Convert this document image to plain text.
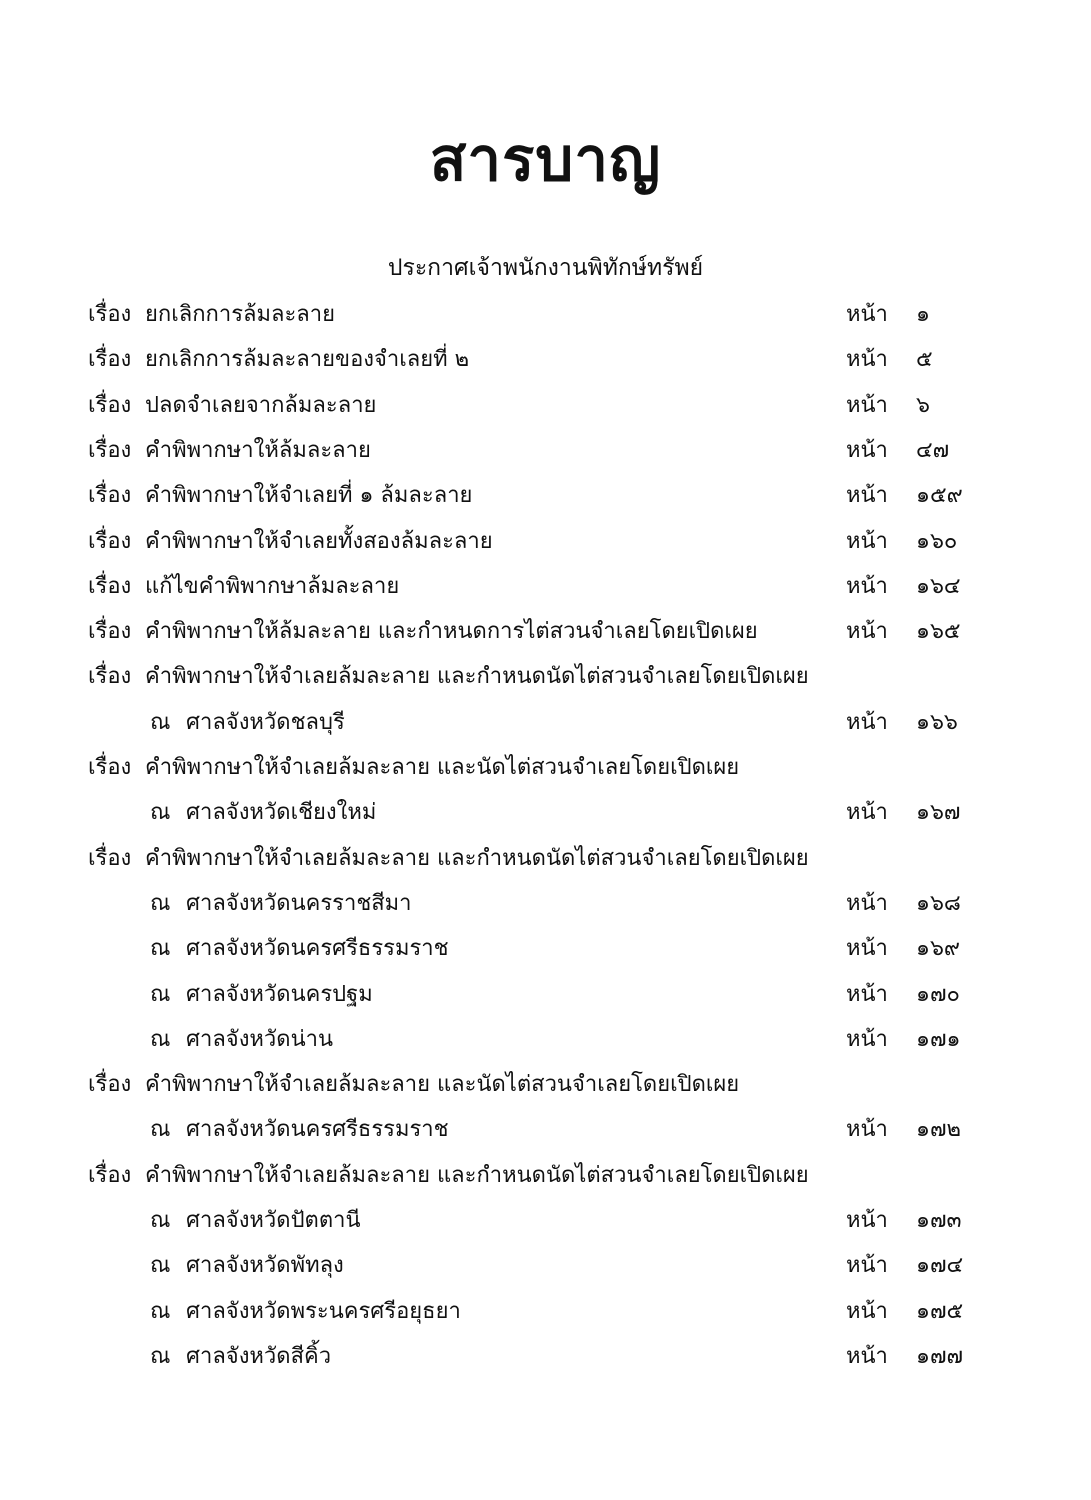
สารบาญ
ประกาศเจ้าพนักงานพิทักษ์ทรัพย์
เรื่อง ยกเลิกการล้มละลาย	หน้า ๑
เรื่อง ยกเลิกการล้มละลายของจำเลยที่ ๒	หน้า ๕
เรื่อง ปลดจำเลยจากล้มละลาย	หน้า ๖
เรื่อง คำพิพากษาให้ล้มละลาย	หน้า ๔๗
เรื่อง คำพิพากษาให้จำเลยที่ ๑ ล้มละลาย	หน้า ๑๕๙
เรื่อง คำพิพากษาให้จำเลยทั้งสองล้มละลาย	หน้า ๑๖๐
เรื่อง แก้ไขคำพิพากษาล้มละลาย	หน้า ๑๖๔
เรื่อง คำพิพากษาให้ล้มละลาย และกำหนดการไต่สวนจำเลยโดยเปิดเผย	หน้า ๑๖๕
เรื่อง คำพิพากษาให้จำเลยล้มละลาย และกำหนดนัดไต่สวนจำเลยโดยเปิดเผย
ณ ศาลจังหวัดชลบุรี	หน้า ๑๖๖
เรื่อง คำพิพากษาให้จำเลยล้มละลาย และนัดไต่สวนจำเลยโดยเปิดเผย
ณ ศาลจังหวัดเชียงใหม่	หน้า ๑๖๗
เรื่อง คำพิพากษาให้จำเลยล้มละลาย และกำหนดนัดไต่สวนจำเลยโดยเปิดเผย
ณ ศาลจังหวัดนครราชสีมา	หน้า ๑๖๘
ณ ศาลจังหวัดนครศรีธรรมราช	หน้า ๑๖๙
ณ ศาลจังหวัดนครปฐม	หน้า ๑๗๐
ณ ศาลจังหวัดน่าน	หน้า ๑๗๑
เรื่อง คำพิพากษาให้จำเลยล้มละลาย และนัดไต่สวนจำเลยโดยเปิดเผย
ณ ศาลจังหวัดนครศรีธรรมราช	หน้า ๑๗๒
เรื่อง คำพิพากษาให้จำเลยล้มละลาย และกำหนดนัดไต่สวนจำเลยโดยเปิดเผย
ณ ศาลจังหวัดปัตตานี	หน้า ๑๗๓
ณ ศาลจังหวัดพัทลุง	หน้า ๑๗๔
ณ ศาลจังหวัดพระนครศรีอยุธยา	หน้า ๑๗๕
ณ ศาลจังหวัดสีคิ้ว	หน้า ๑๗๗
